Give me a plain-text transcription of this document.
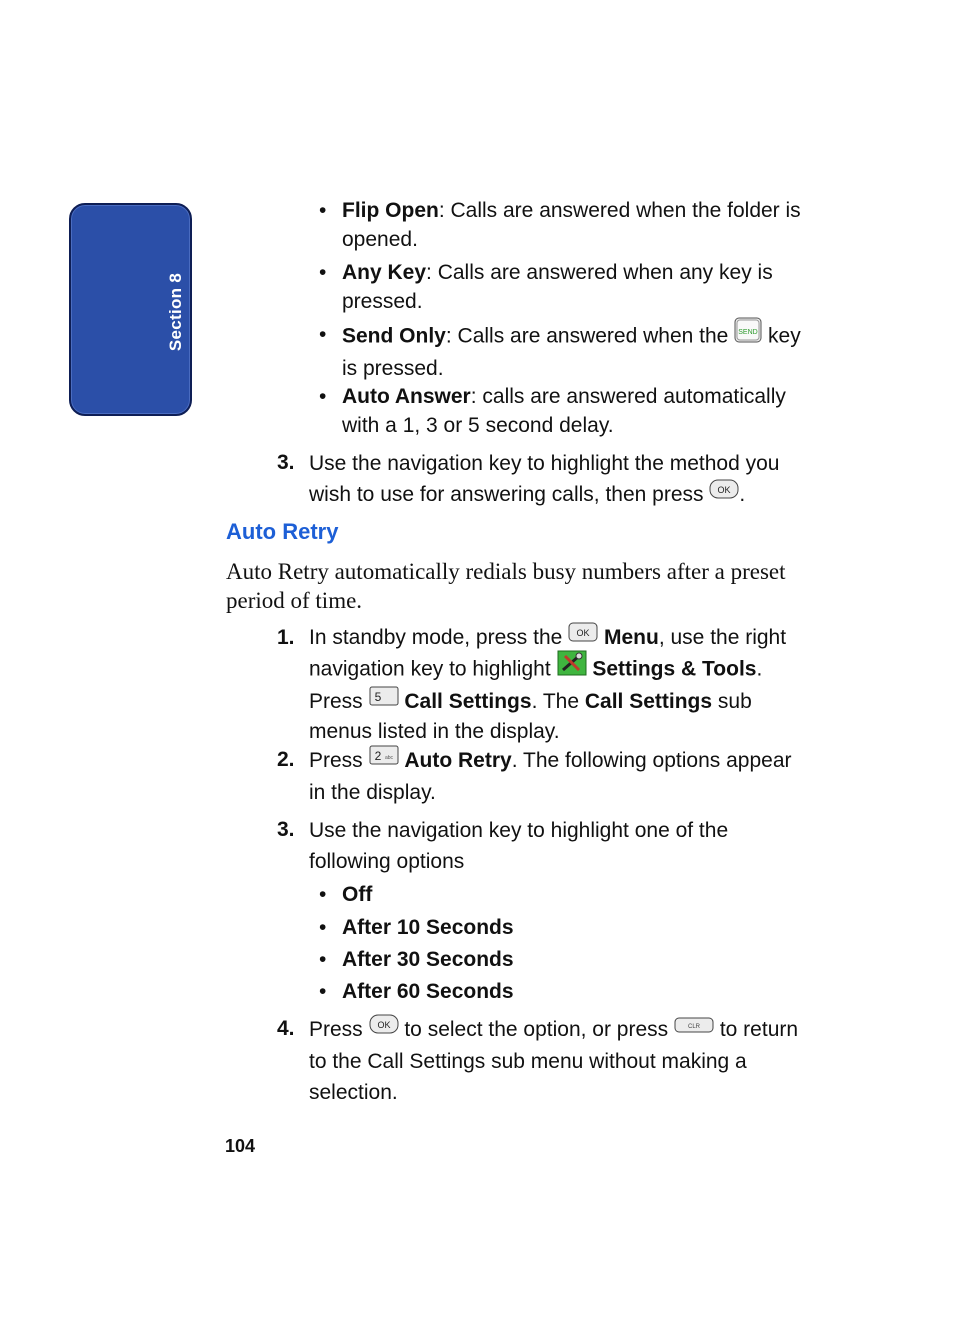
Section 8
• Flip Open: Calls are answered when the folder is opened.
• Any Key: Calls are answered when any key is pressed.
• Send Only: Calls are answered when the SEND key is pressed.
• Auto Answer: calls are answered automatically with a 1, 3 or 5 second delay.
3. Use the navigation key to highlight the method you wish to use for answering calls, then press OK .
Auto Retry
Auto Retry automatically redials busy numbers after a preset period of time.
1. In standby mode, press the OK Menu, use the right navigation key to highlight  Settings & Tools. Press 5 Call Settings. The Call Settings sub menus listed in the display.
2. Press 2 abc Auto Retry. The following options appear in the display.
3. Use the navigation key to highlight one of the following options
• Off
• After 10 Seconds
• After 30 Seconds
• After 60 Seconds
4. Press OK to select the option, or press CLR to return to the Call Settings sub menu without making a selection.
104
